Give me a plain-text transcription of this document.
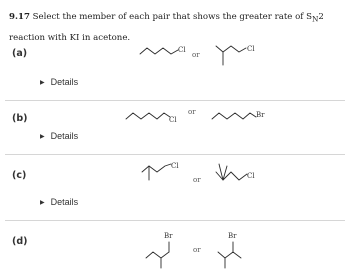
9.17 Select the member of each pair that shows the greater rate of $S_N2$ reaction with KI in acetone.

(a)	Cl
or
Cl
▶ Details
(b)	Cl
or	Br
▶ Details
(c)
Cl
or	Cl
▶ Details
(d)	Br
or
Br
